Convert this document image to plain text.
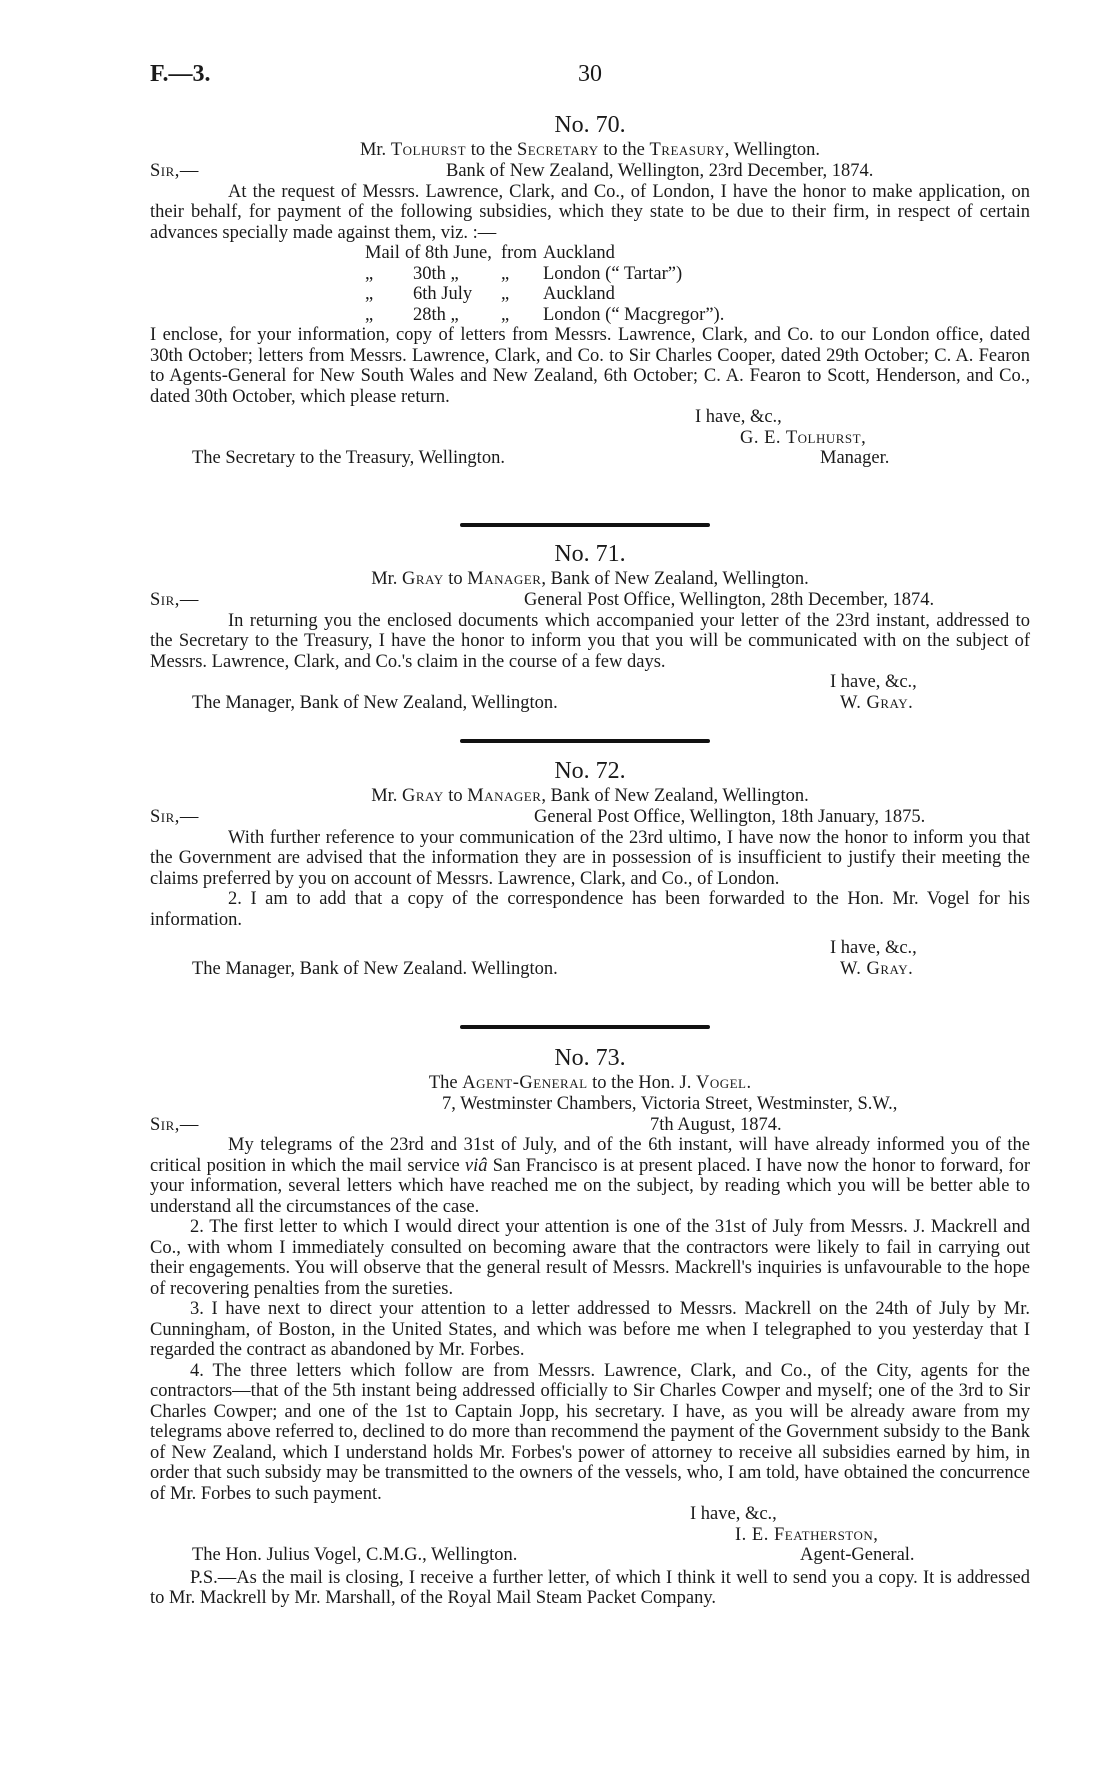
30
F.—3.
No. 70.
Mr. Tolhurst to the Secretary to the Treasury, Wellington.
Sir,—	Bank of New Zealand, Wellington, 23rd December, 1874.

At the request of Messrs. Lawrence, Clark, and Co., of London, I have the honor to make application, on their behalf, for payment of the following subsidies, which they state to be due to their firm, in respect of certain advances specially made against them, viz. :—

Mail of 8th June, from Auckland
„ 30th „ „ London (“ Tartar”)
„ 6th July „ Auckland
„ 28th „ „ London (“ Macgregor”).

I enclose, for your information, copy of letters from Messrs. Lawrence, Clark, and Co. to our London office, dated 30th October; letters from Messrs. Lawrence, Clark, and Co. to Sir Charles Cooper, dated 29th October; C. A. Fearon to Agents-General for New South Wales and New Zealand, 6th October; C. A. Fearon to Scott, Henderson, and Co., dated 30th October, which please return.

I have, &c.,
G. E. Tolhurst,
The Secretary to the Treasury, Wellington.	Manager.
No. 71.
Mr. Gray to Manager, Bank of New Zealand, Wellington.
Sir,—	General Post Office, Wellington, 28th December, 1874.

In returning you the enclosed documents which accompanied your letter of the 23rd instant, addressed to the Secretary to the Treasury, I have the honor to inform you that you will be communicated with on the subject of Messrs. Lawrence, Clark, and Co.'s claim in the course of a few days.

I have, &c.,
The Manager, Bank of New Zealand, Wellington.	W. Gray.
No. 72.
Mr. Gray to Manager, Bank of New Zealand, Wellington.
Sir,—	General Post Office, Wellington, 18th January, 1875.

With further reference to your communication of the 23rd ultimo, I have now the honor to inform you that the Government are advised that the information they are in possession of is insufficient to justify their meeting the claims preferred by you on account of Messrs. Lawrence, Clark, and Co., of London.

2. I am to add that a copy of the correspondence has been forwarded to the Hon. Mr. Vogel for his information.

I have, &c.,
The Manager, Bank of New Zealand. Wellington.	W. Gray.
No. 73.
The Agent-General to the Hon. J. Vogel.
7, Westminster Chambers, Victoria Street, Westminster, S.W.,
Sir,—	7th August, 1874.

My telegrams of the 23rd and 31st of July, and of the 6th instant, will have already informed you of the critical position in which the mail service viâ San Francisco is at present placed. I have now the honor to forward, for your information, several letters which have reached me on the subject, by reading which you will be better able to understand all the circumstances of the case.

2. The first letter to which I would direct your attention is one of the 31st of July from Messrs. J. Mackrell and Co., with whom I immediately consulted on becoming aware that the contractors were likely to fail in carrying out their engagements. You will observe that the general result of Messrs. Mackrell's inquiries is unfavourable to the hope of recovering penalties from the sureties.

3. I have next to direct your attention to a letter addressed to Messrs. Mackrell on the 24th of July by Mr. Cunningham, of Boston, in the United States, and which was before me when I telegraphed to you yesterday that I regarded the contract as abandoned by Mr. Forbes.

4. The three letters which follow are from Messrs. Lawrence, Clark, and Co., of the City, agents for the contractors—that of the 5th instant being addressed officially to Sir Charles Cowper and myself; one of the 3rd to Sir Charles Cowper; and one of the 1st to Captain Jopp, his secretary. I have, as you will be already aware from my telegrams above referred to, declined to do more than recommend the payment of the Government subsidy to the Bank of New Zealand, which I understand holds Mr. Forbes's power of attorney to receive all subsidies earned by him, in order that such subsidy may be transmitted to the owners of the vessels, who, I am told, have obtained the concurrence of Mr. Forbes to such payment.

I have, &c.,
I. E. Featherston,
The Hon. Julius Vogel, C.M.G., Wellington.	Agent-General.

P.S.—As the mail is closing, I receive a further letter, of which I think it well to send you a copy. It is addressed to Mr. Mackrell by Mr. Marshall, of the Royal Mail Steam Packet Company.
